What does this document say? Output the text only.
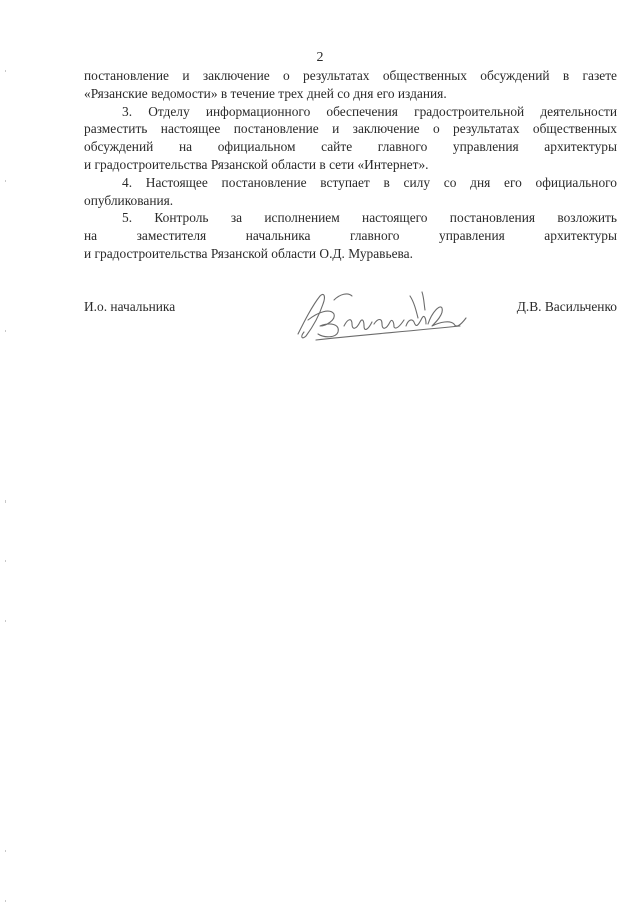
2
постановление и заключение о результатах общественных обсуждений в газете
«Рязанские ведомости» в течение трех дней со дня его издания.
3. Отделу информационного обеспечения градостроительной деятельности
разместить настоящее постановление и заключение о результатах общественных
обсуждений на официальном сайте главного управления архитектуры
и градостроительства Рязанской области в сети «Интернет».
4. Настоящее постановление вступает в силу со дня его официального
опубликования.
5. Контроль за исполнением настоящего постановления возложить
на заместителя начальника главного управления архитектуры
и градостроительства Рязанской области О.Д. Муравьева.
И.о. начальника	Д.В. Васильченко
